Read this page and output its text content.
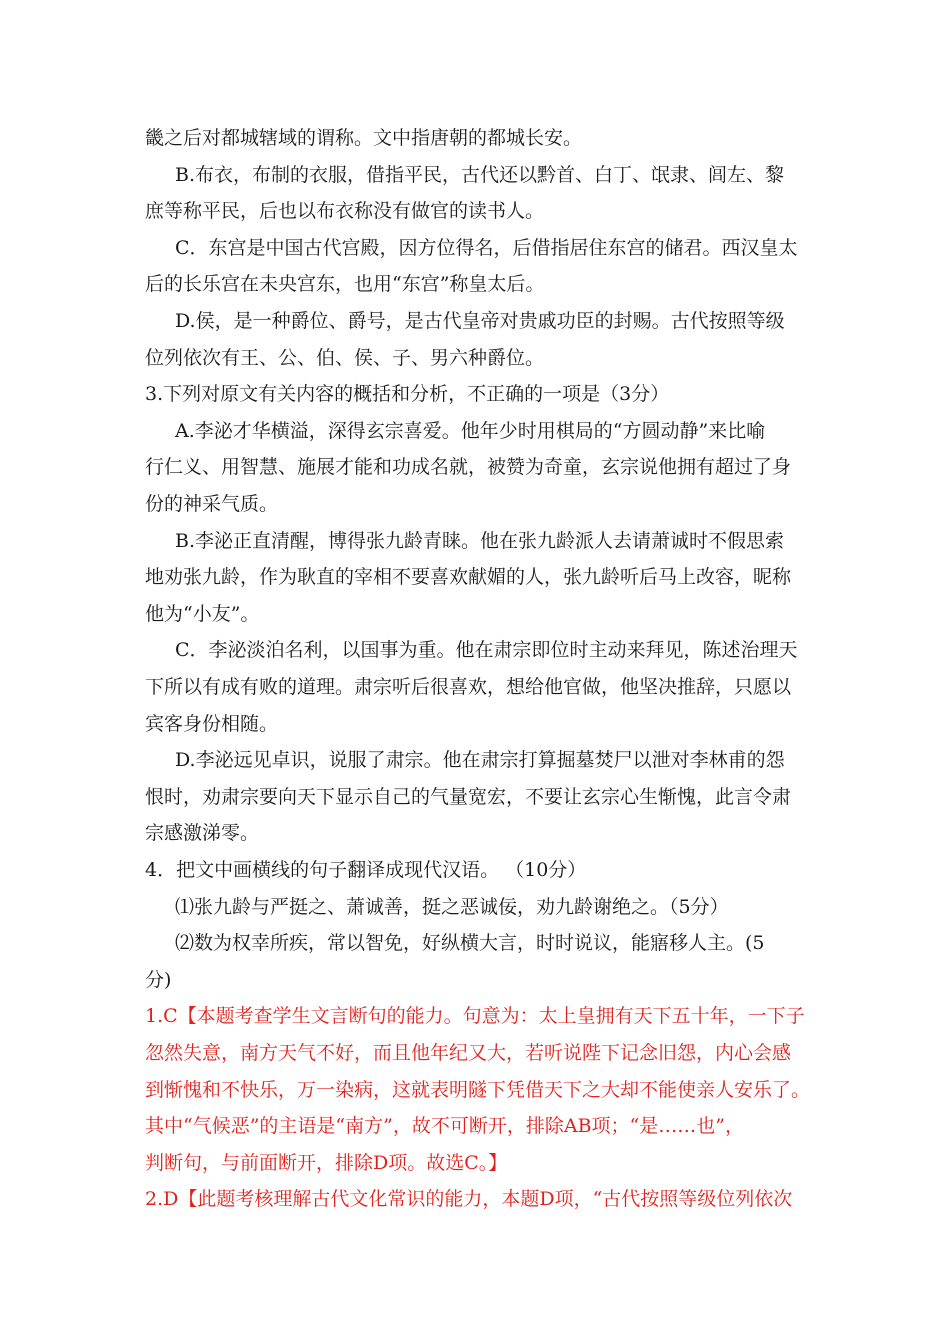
畿之后对都城辖域的谓称。文中指唐朝的都城长安。
B.布衣，布制的衣服，借指平民，古代还以黔首、白丁、氓隶、闾左、黎
庶等称平民，后也以布衣称没有做官的读书人。
C．东宫是中国古代宫殿，因方位得名，后借指居住东宫的储君。西汉皇太
后的长乐宫在未央宫东，也用“东宫”称皇太后。
D.侯，是一种爵位、爵号，是古代皇帝对贵戚功臣的封赐。古代按照等级
位列依次有王、公、伯、侯、子、男六种爵位。
3.下列对原文有关内容的概括和分析，不正确的一项是（3分）
A.李泌才华横溢，深得玄宗喜爱。他年少时用棋局的“方圆动静”来比喻
行仁义、用智慧、施展才能和功成名就，被赞为奇童，玄宗说他拥有超过了身
份的神采气质。
B.李泌正直清醒，博得张九龄青睐。他在张九龄派人去请萧诚时不假思索
地劝张九龄，作为耿直的宰相不要喜欢献媚的人，张九龄听后马上改容，昵称
他为“小友”。
C．李泌淡泊名利，以国事为重。他在肃宗即位时主动来拜见，陈述治理天
下所以有成有败的道理。肃宗听后很喜欢，想给他官做，他坚决推辞，只愿以
宾客身份相随。
D.李泌远见卓识，说服了肃宗。他在肃宗打算掘墓焚尸以泄对李林甫的怨
恨时，劝肃宗要向天下显示自己的气量宽宏，不要让玄宗心生惭愧，此言令肃
宗感激涕零。
4．把文中画横线的句子翻译成现代汉语。 （10分）
⑴张九龄与严挺之、萧诚善，挺之恶诚佞，劝九龄谢绝之。（5分）
⑵数为权幸所疾，常以智免，好纵横大言，时时说议，能寤移人主。(5
分)
1.C【本题考查学生文言断句的能力。句意为：太上皇拥有天下五十年，一下子
忽然失意，南方天气不好，而且他年纪又大，若听说陛下记念旧怨，内心会感
到惭愧和不快乐，万一染病，这就表明隧下凭借天下之大却不能使亲人安乐了。
其中“气候恶”的主语是“南方”，故不可断开，排除AB项；“是……也”，
判断句，与前面断开，排除D项。故选C。】
2.D【此题考核理解古代文化常识的能力，本题D项，“古代按照等级位列依次
